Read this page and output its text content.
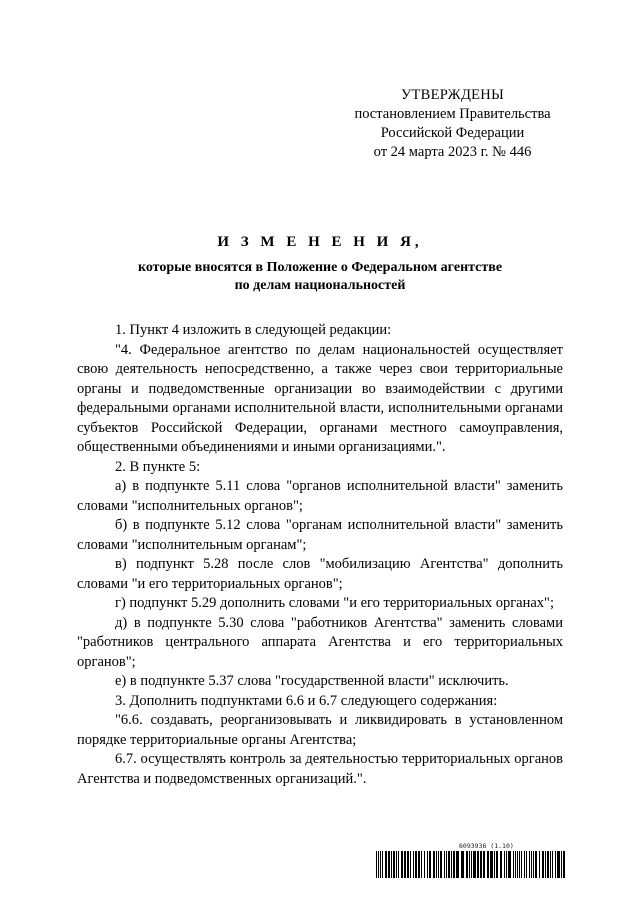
УТВЕРЖДЕНЫ
постановлением Правительства
Российской Федерации
от 24 марта 2023 г. № 446
И З М Е Н Е Н И Я,
которые вносятся в Положение о Федеральном агентстве
по делам национальностей

1. Пункт 4 изложить в следующей редакции:

"4. Федеральное агентство по делам национальностей осуществляет свою деятельность непосредственно, а также через свои территориальные органы и подведомственные организации во взаимодействии с другими федеральными органами исполнительной власти, исполнительными органами субъектов Российской Федерации, органами местного самоуправления, общественными объединениями и иными организациями.".

2. В пункте 5:

а) в подпункте 5.11 слова "органов исполнительной власти" заменить словами "исполнительных органов";

б) в подпункте 5.12 слова "органам исполнительной власти" заменить словами "исполнительным органам";

в) подпункт 5.28 после слов "мобилизацию Агентства" дополнить словами "и его территориальных органов";

г) подпункт 5.29 дополнить словами "и его территориальных органах";

д) в подпункте 5.30 слова "работников Агентства" заменить словами "работников центрального аппарата Агентства и его территориальных органов";

е) в подпункте 5.37 слова "государственной власти" исключить.

3. Дополнить подпунктами 6.6 и 6.7 следующего содержания:

"6.6. создавать, реорганизовывать и ликвидировать в установленном порядке территориальные органы Агентства;

6.7. осуществлять контроль за деятельностью территориальных органов Агентства и подведомственных организаций.".

6093936 (1.10)
